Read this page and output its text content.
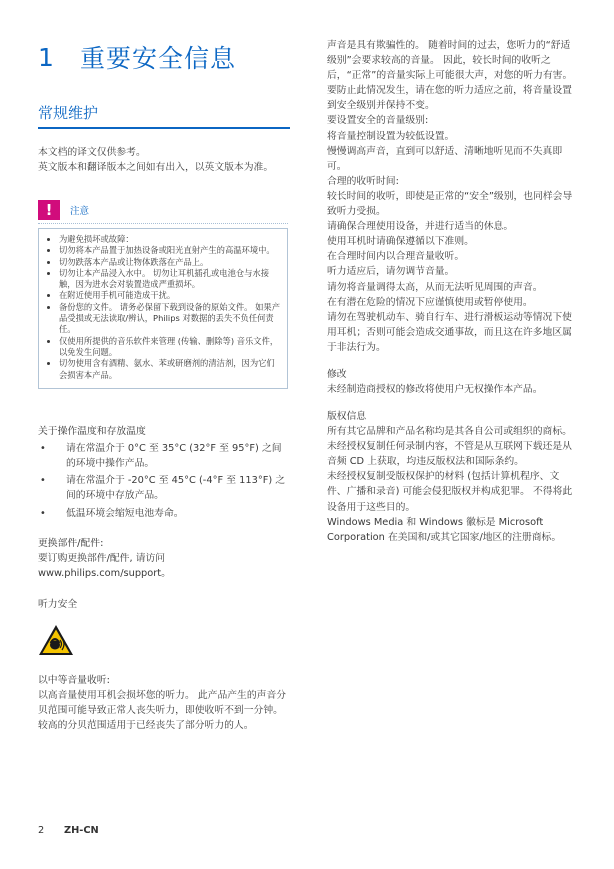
1	重要安全信息
常规维护
本文档的译文仅供参考。
英文版本和翻译版本之间如有出入，以英文版本为准。
!	注意
• 为避免损坏或故障：
• 切勿将本产品置于加热设备或阳光直射产生的高温环境中。
• 切勿跌落本产品或让物体跌落在产品上。
• 切勿让本产品浸入水中。 切勿让耳机插孔或电池仓与水接触，因为进水会对装置造成严重损坏。
• 在附近使用手机可能造成干扰。
• 备份您的文件。 请务必保留下载到设备的原始文件。 如果产品受损或无法读取/辨认，Philips 对数据的丢失不负任何责任。
• 仅使用所提供的音乐软件来管理 (传输、删除等) 音乐文件，以免发生问题。
• 切勿使用含有酒精、氨水、苯或研磨剂的清洁剂，因为它们会损害本产品。
关于操作温度和存放温度
• 请在常温介于 0°C 至 35°C (32°F 至 95°F) 之间的环境中操作产品。
• 请在常温介于 -20°C 至 45°C (-4°F 至 113°F) 之间的环境中存放产品。
• 低温环境会缩短电池寿命。
更换部件/配件:
要订购更换部件/配件, 请访问 www.philips.com/support。
听力安全
以中等音量收听:
以高音量使用耳机会损坏您的听力。 此产品产生的声音分贝范围可能导致正常人丧失听力，即使收听不到一分钟。 较高的分贝范围适用于已经丧失了部分听力的人。
声音是具有欺骗性的。 随着时间的过去，您听力的“舒适级别”会要求较高的音量。 因此，较长时间的收听之后，“正常”的音量实际上可能很大声，对您的听力有害。 要防止此情况发生，请在您的听力适应之前，将音量设置到安全级别并保持不变。
要设置安全的音量级别:
将音量控制设置为较低设置。
慢慢调高声音，直到可以舒适、清晰地听见而不失真即可。
合理的收听时间:
较长时间的收听，即使是正常的“安全”级别，也同样会导致听力受损。
请确保合理使用设备，并进行适当的休息。
使用耳机时请确保遵循以下准则。
在合理时间内以合理音量收听。
听力适应后，请勿调节音量。
请勿将音量调得太高，从而无法听见周围的声音。
在有潜在危险的情况下应谨慎使用或暂停使用。
请勿在驾驶机动车、骑自行车、进行滑板运动等情况下使用耳机；否则可能会造成交通事故，而且这在许多地区属于非法行为。
修改
未经制造商授权的修改将使用户无权操作本产品。
版权信息
所有其它品牌和产品名称均是其各自公司或组织的商标。
未经授权复制任何录制内容，不管是从互联网下载还是从音频 CD 上获取，均违反版权法和国际条约。
未经授权复制受版权保护的材料 (包括计算机程序、文件、广播和录音) 可能会侵犯版权并构成犯罪。 不得将此设备用于这些目的。
Windows Media 和 Windows 徽标是 Microsoft Corporation 在美国和/或其它国家/地区的注册商标。
2	ZH-CN
